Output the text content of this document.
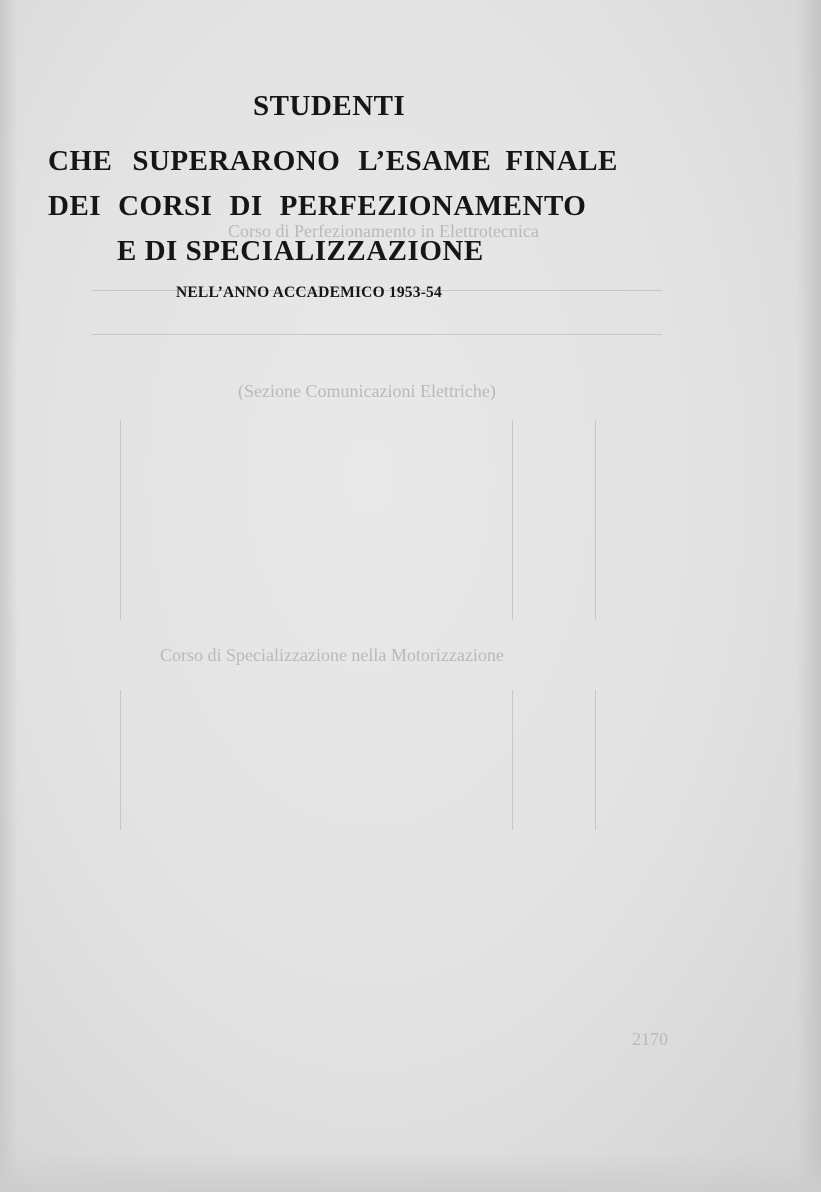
Corso di Perfezionamento in Elettrotecnica
(Sezione Comunicazioni Elettriche)
Corso di Specializzazione nella Motorizzazione
2170
STUDENTI
CHE SUPERARONO L’ESAME FINALE
DEI CORSI DI PERFEZIONAMENTO
E DI SPECIALIZZAZIONE
NELL’ANNO ACCADEMICO 1953-54
